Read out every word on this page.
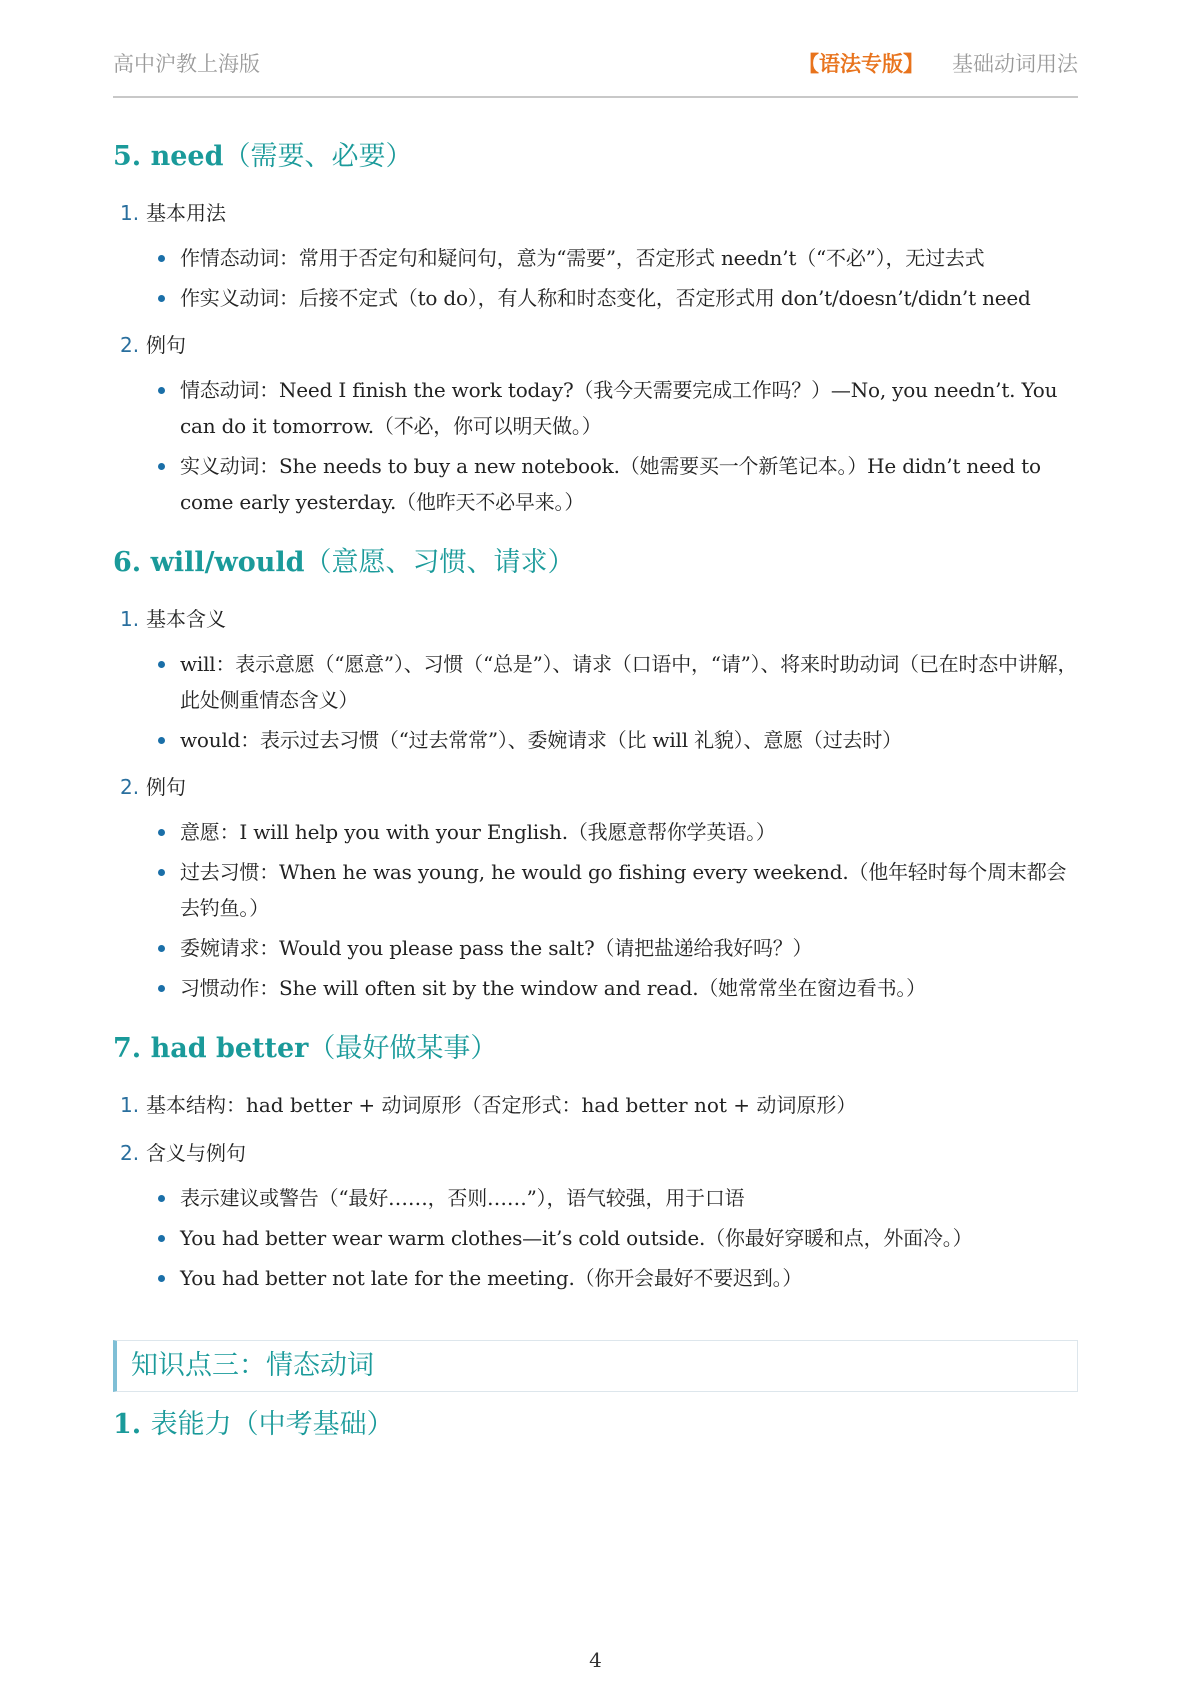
高中沪教上海版	【语法专版】 基础动词用法
5. need（需要、必要）
1. 基本用法
作情态动词：常用于否定句和疑问句，意为“需要”，否定形式 needn’t（“不必”），无过去式
作实义动词：后接不定式（to do），有人称和时态变化，否定形式用 don’t/doesn’t/didn’t need
2. 例句
情态动词：Need I finish the work today?（我今天需要完成工作吗？）—No, you needn’t. You can do it tomorrow.（不必，你可以明天做。）
实义动词：She needs to buy a new notebook.（她需要买一个新笔记本。）He didn’t need to come early yesterday.（他昨天不必早来。）
6. will/would（意愿、习惯、请求）
1. 基本含义
will：表示意愿（“愿意”）、习惯（“总是”）、请求（口语中，“请”）、将来时助动词（已在时态中讲解，此处侧重情态含义）
would：表示过去习惯（“过去常常”）、委婉请求（比 will 礼貌）、意愿（过去时）
2. 例句
意愿：I will help you with your English.（我愿意帮你学英语。）
过去习惯：When he was young, he would go fishing every weekend.（他年轻时每个周末都会去钓鱼。）
委婉请求：Would you please pass the salt?（请把盐递给我好吗？）
习惯动作：She will often sit by the window and read.（她常常坐在窗边看书。）
7. had better（最好做某事）
1. 基本结构：had better + 动词原形（否定形式：had better not + 动词原形）
2. 含义与例句
表示建议或警告（“最好……，否则……”），语气较强，用于口语
You had better wear warm clothes—it’s cold outside.（你最好穿暖和点，外面冷。）
You had better not late for the meeting.（你开会最好不要迟到。）
知识点三：情态动词
1. 表能力（中考基础）
4
